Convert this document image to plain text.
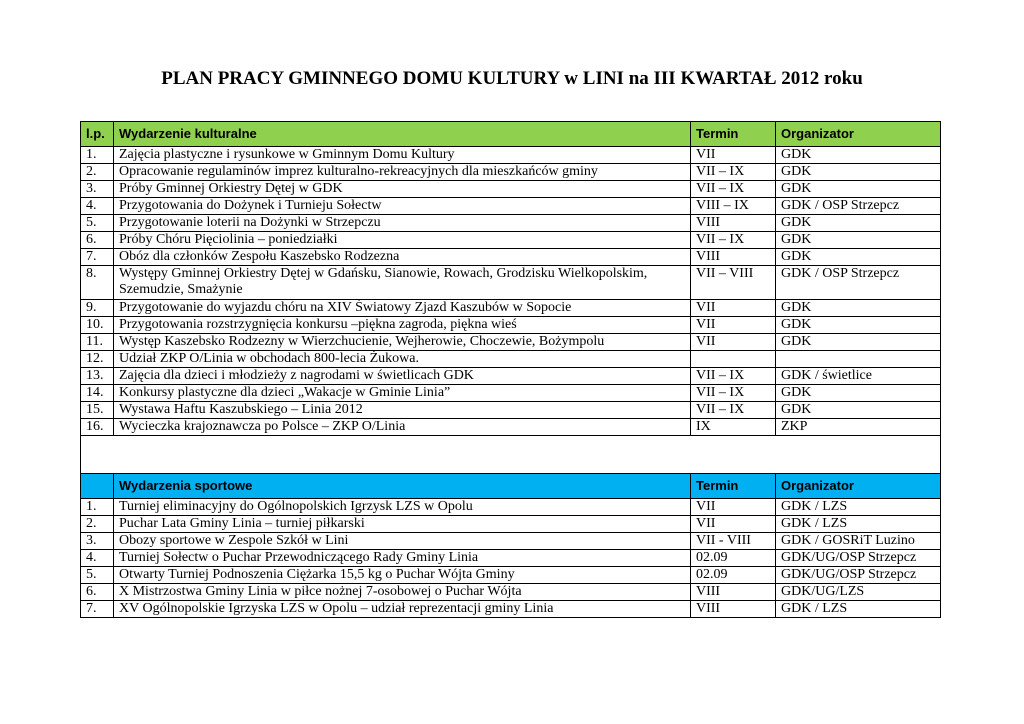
PLAN PRACY GMINNEGO DOMU KULTURY w LINI na III KWARTAŁ 2012 roku
l.p.	Wydarzenie kulturalne	Termin	Organizator
1.	Zajęcia plastyczne i rysunkowe w Gminnym Domu Kultury	VII	GDK
2.	Opracowanie regulaminów imprez kulturalno-rekreacyjnych dla mieszkańców gminy	VII – IX	GDK
3.	Próby Gminnej Orkiestry Dętej w GDK	VII – IX	GDK
4.	Przygotowania do Dożynek i Turnieju Sołectw	VIII – IX	GDK / OSP Strzepcz
5.	Przygotowanie loterii na Dożynki w Strzepczu	VIII	GDK
6.	Próby Chóru Pięciolinia – poniedziałki	VII – IX	GDK
7.	Obóz dla członków Zespołu Kaszebsko Rodzezna	VIII	GDK
8.	Występy Gminnej Orkiestry Dętej w Gdańsku, Sianowie, Rowach, Grodzisku Wielkopolskim, Szemudzie, Smażynie	VII – VIII	GDK / OSP Strzepcz
9.	Przygotowanie do wyjazdu chóru na XIV Światowy Zjazd Kaszubów w Sopocie	VII	GDK
10.	Przygotowania rozstrzygnięcia konkursu –piękna zagroda, piękna wieś	VII	GDK
11.	Występ Kaszebsko Rodzezny w Wierzchucienie, Wejherowie, Choczewie, Bożympolu	VII	GDK
12.	Udział ZKP O/Linia w obchodach 800-lecia Żukowa.		
13.	Zajęcia dla dzieci i młodzieży z nagrodami w świetlicach GDK	VII – IX	GDK / świetlice
14.	Konkursy plastyczne dla dzieci „Wakacje w Gminie Linia”	VII – IX	GDK
15.	Wystawa Haftu Kaszubskiego – Linia 2012	VII – IX	GDK
16.	Wycieczka krajoznawcza po Polsce – ZKP O/Linia	IX	ZKP

	Wydarzenia sportowe	Termin	Organizator
1.	Turniej eliminacyjny do Ogólnopolskich Igrzysk LZS w Opolu	VII	GDK / LZS
2.	Puchar Lata Gminy Linia – turniej piłkarski	VII	GDK / LZS
3.	Obozy sportowe w Zespole Szkół w Lini	VII - VIII	GDK / GOSRiT Luzino
4.	Turniej Sołectw o Puchar Przewodniczącego Rady Gminy Linia	02.09	GDK/UG/OSP Strzepcz
5.	Otwarty Turniej Podnoszenia Ciężarka 15,5 kg o Puchar Wójta Gminy	02.09	GDK/UG/OSP Strzepcz
6.	X Mistrzostwa Gminy Linia w piłce nożnej 7-osobowej o Puchar Wójta	VIII	GDK/UG/LZS
7.	XV Ogólnopolskie Igrzyska LZS w Opolu – udział reprezentacji gminy Linia	VIII	GDK / LZS
